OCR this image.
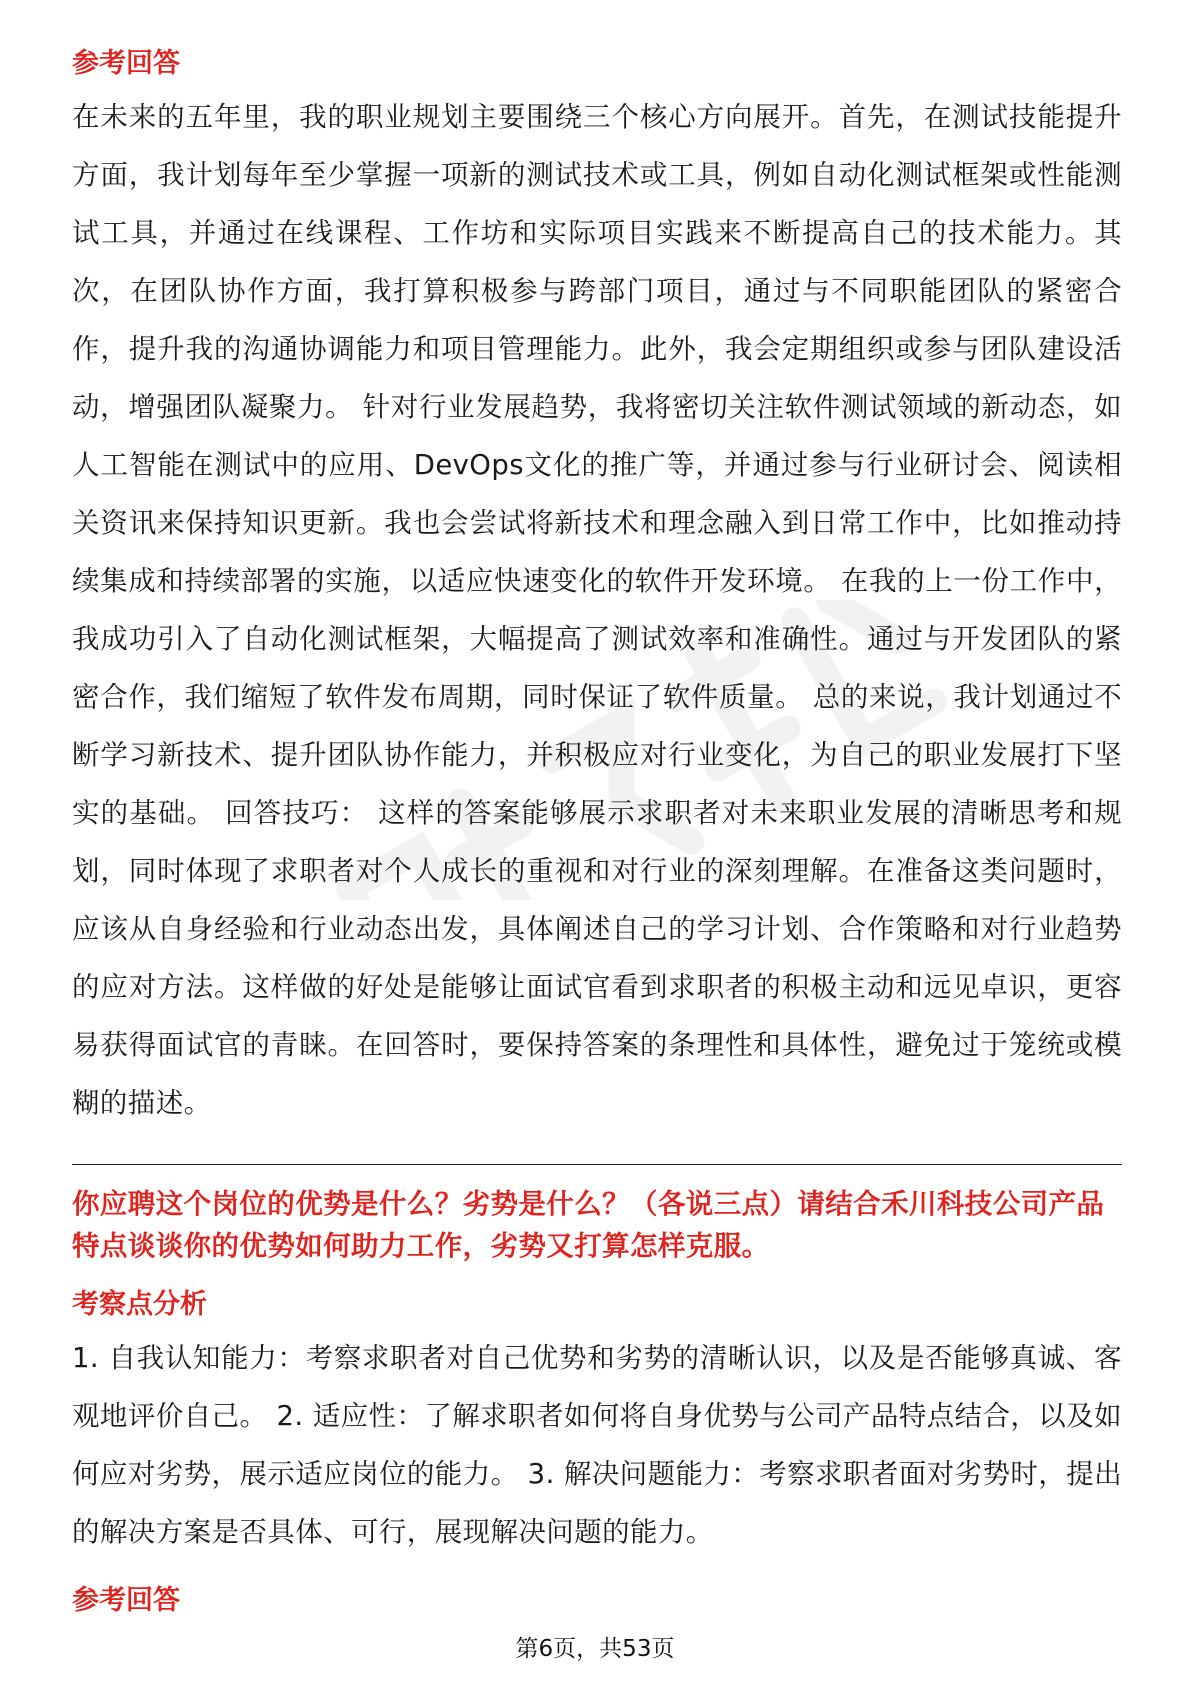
参考回答

在未来的五年里，我的职业规划主要围绕三个核心方向展开。首先，在测试技能提升方面，我计划每年至少掌握一项新的测试技术或工具，例如自动化测试框架或性能测试工具，并通过在线课程、工作坊和实际项目实践来不断提高自己的技术能力。其次，在团队协作方面，我打算积极参与跨部门项目，通过与不同职能团队的紧密合作，提升我的沟通协调能力和项目管理能力。此外，我会定期组织或参与团队建设活动，增强团队凝聚力。 针对行业发展趋势，我将密切关注软件测试领域的新动态，如人工智能在测试中的应用、DevOps文化的推广等，并通过参与行业研讨会、阅读相关资讯来保持知识更新。我也会尝试将新技术和理念融入到日常工作中，比如推动持续集成和持续部署的实施，以适应快速变化的软件开发环境。 在我的上一份工作中，我成功引入了自动化测试框架，大幅提高了测试效率和准确性。通过与开发团队的紧密合作，我们缩短了软件发布周期，同时保证了软件质量。 总的来说，我计划通过不断学习新技术、提升团队协作能力，并积极应对行业变化，为自己的职业发展打下坚实的基础。 回答技巧： 这样的答案能够展示求职者对未来职业发展的清晰思考和规划，同时体现了求职者对个人成长的重视和对行业的深刻理解。在准备这类问题时，应该从自身经验和行业动态出发，具体阐述自己的学习计划、合作策略和对行业趋势的应对方法。这样做的好处是能够让面试官看到求职者的积极主动和远见卓识，更容易获得面试官的青睐。在回答时，要保持答案的条理性和具体性，避免过于笼统或模糊的描述。

你应聘这个岗位的优势是什么？劣势是什么？（各说三点）请结合禾川科技公司产品特点谈谈你的优势如何助力工作，劣势又打算怎样克服。

考察点分析

1. 自我认知能力：考察求职者对自己优势和劣势的清晰认识，以及是否能够真诚、客观地评价自己。 2. 适应性：了解求职者如何将自身优势与公司产品特点结合，以及如何应对劣势，展示适应岗位的能力。 3. 解决问题能力：考察求职者面对劣势时，提出的解决方案是否具体、可行，展现解决问题的能力。

参考回答
第6页，共53页
